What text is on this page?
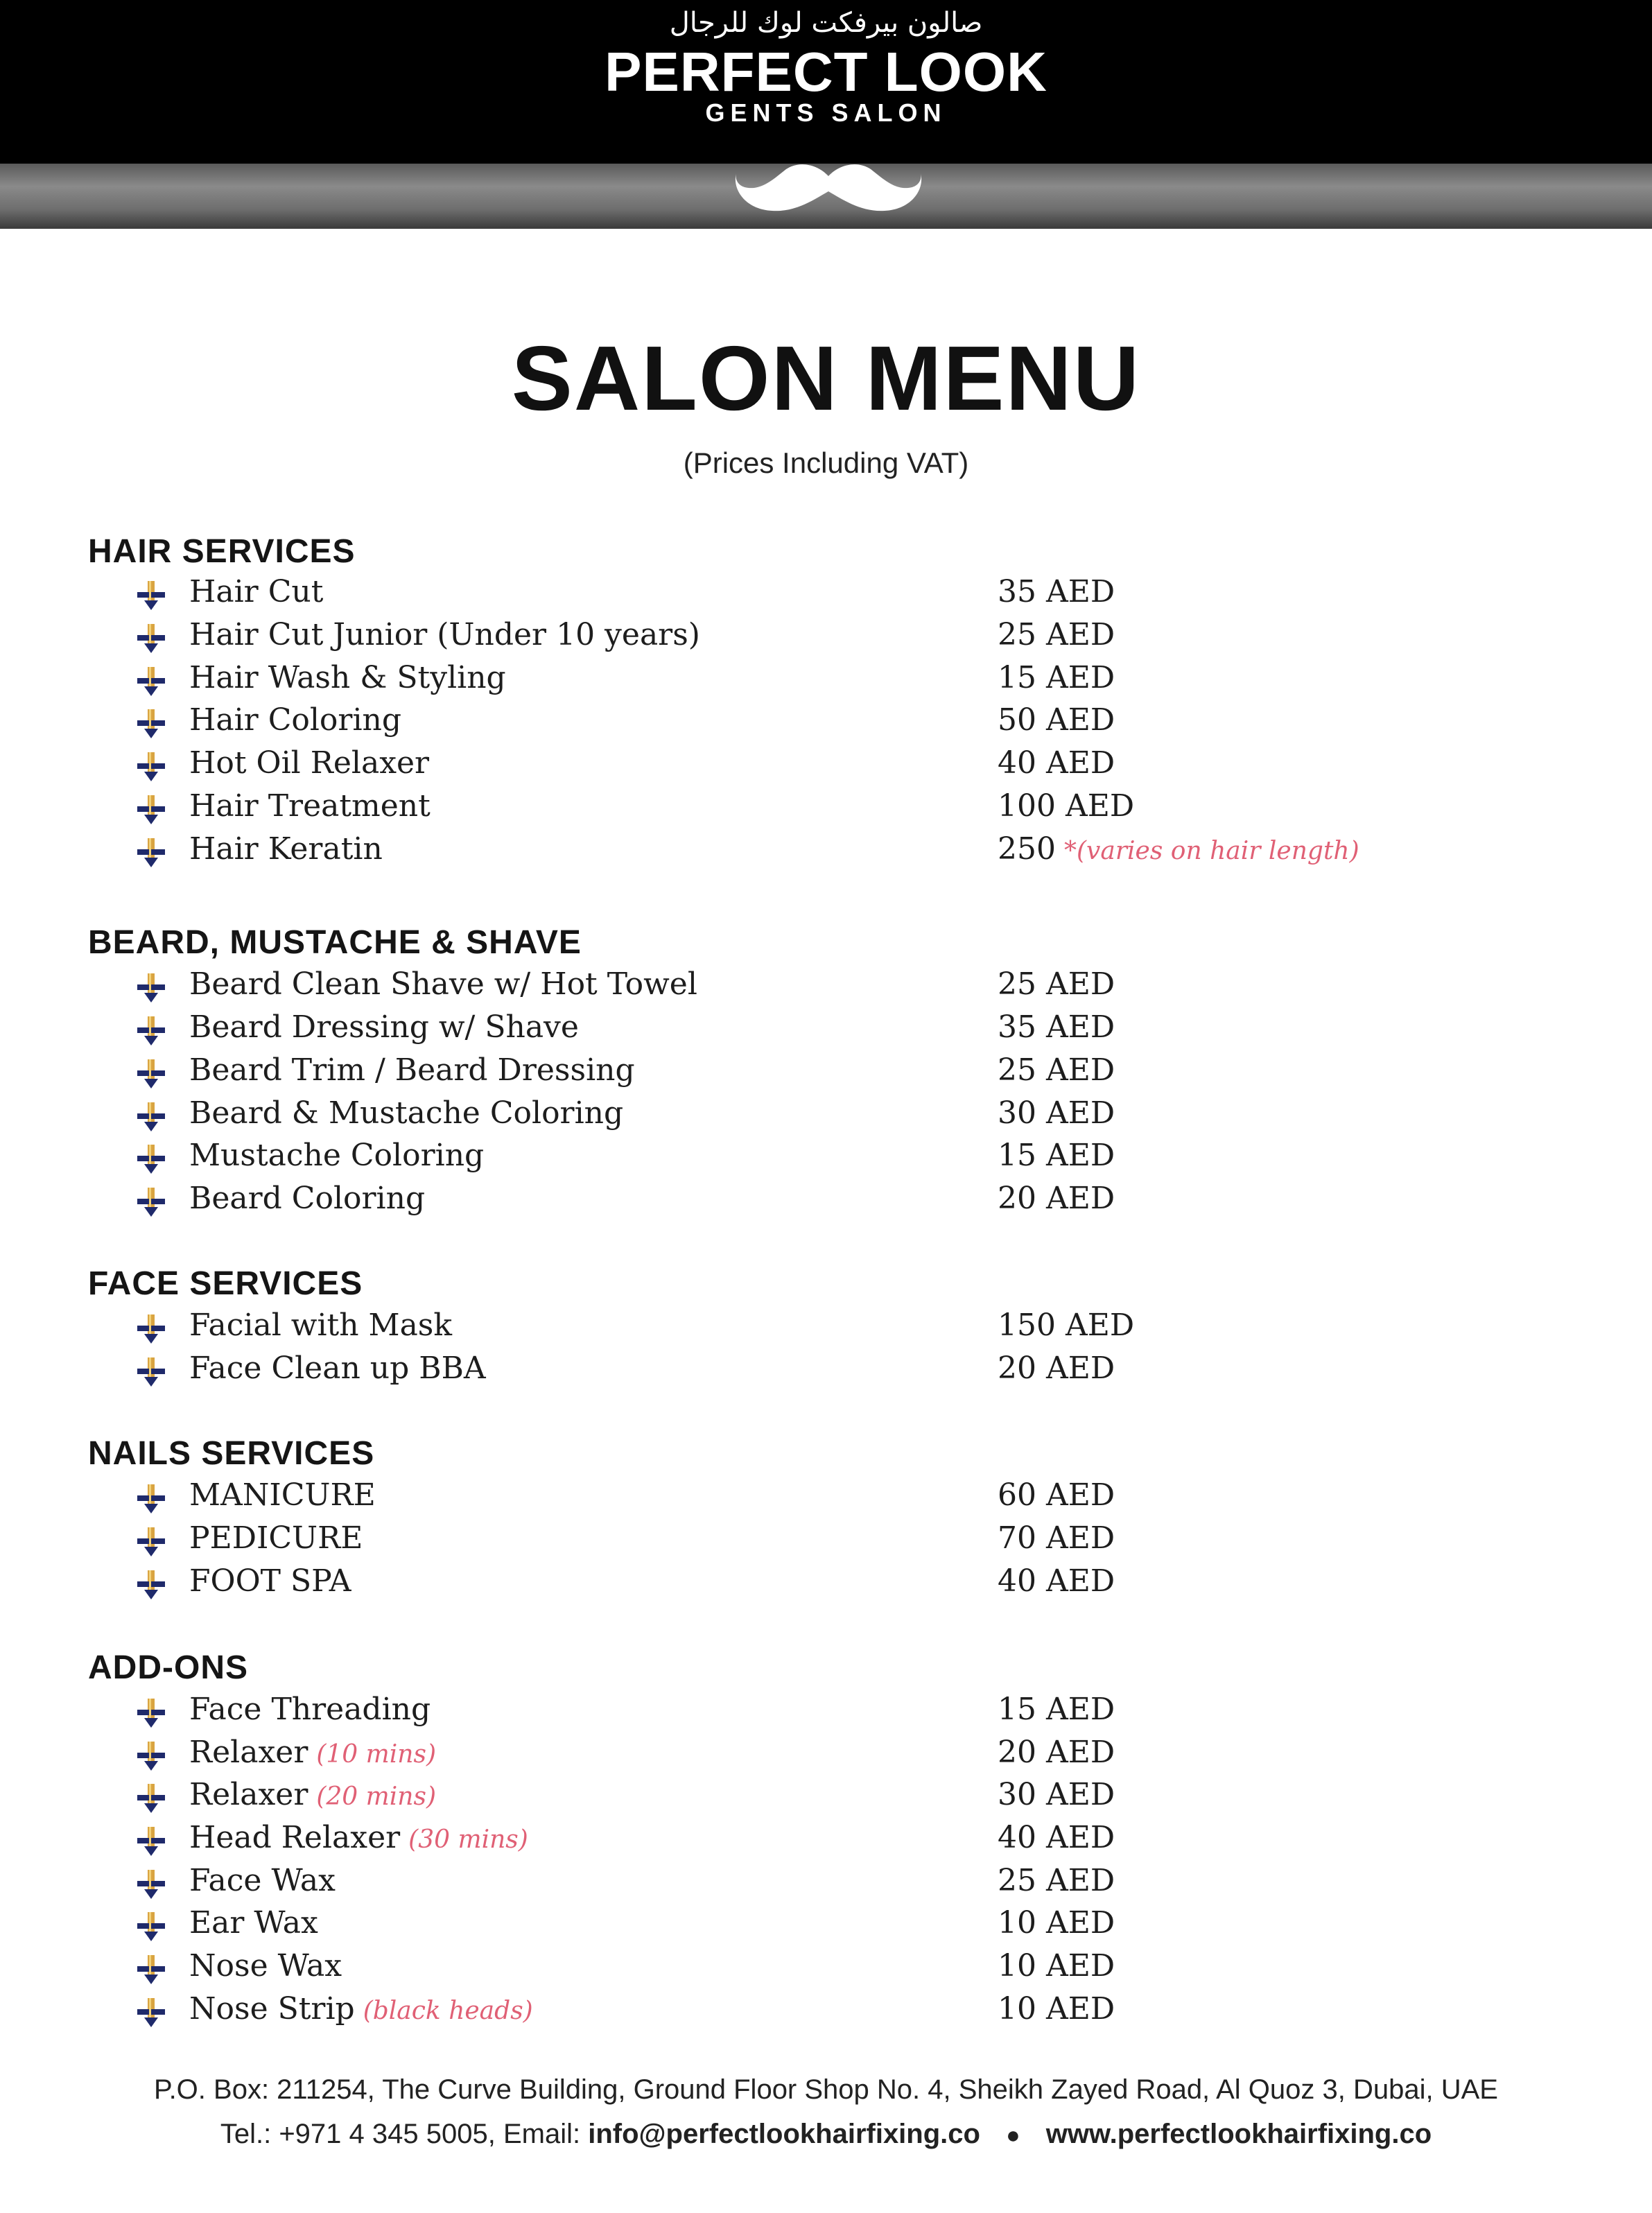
صالون بيرفكت لوك للرجال
PERFECT LOOK
GENTS SALON
SALON MENU
(Prices Including VAT)
HAIR SERVICES
Hair Cut	35 AED
Hair Cut Junior (Under 10 years)	25 AED
Hair Wash & Styling	15 AED
Hair Coloring	50 AED
Hot Oil Relaxer	40 AED
Hair Treatment	100 AED
Hair Keratin	250 *(varies on hair length)
BEARD, MUSTACHE & SHAVE
Beard Clean Shave w/ Hot Towel	25 AED
Beard Dressing w/ Shave	35 AED
Beard Trim / Beard Dressing	25 AED
Beard & Mustache Coloring	30 AED
Mustache Coloring	15 AED
Beard Coloring	20 AED
FACE SERVICES
Facial with Mask	150 AED
Face Clean up BBA	20 AED
NAILS SERVICES
MANICURE	60 AED
PEDICURE	70 AED
FOOT SPA	40 AED
ADD-ONS
Face Threading	15 AED
Relaxer (10 mins)	20 AED
Relaxer (20 mins)	30 AED
Head Relaxer (30 mins)	40 AED
Face Wax	25 AED
Ear Wax	10 AED
Nose Wax	10 AED
Nose Strip (black heads)	10 AED
P.O. Box: 211254, The Curve Building, Ground Floor Shop No. 4, Sheikh Zayed Road, Al Quoz 3, Dubai, UAE
Tel.: +971 4 345 5005, Email: info@perfectlookhairfixing.co ● www.perfectlookhairfixing.co
